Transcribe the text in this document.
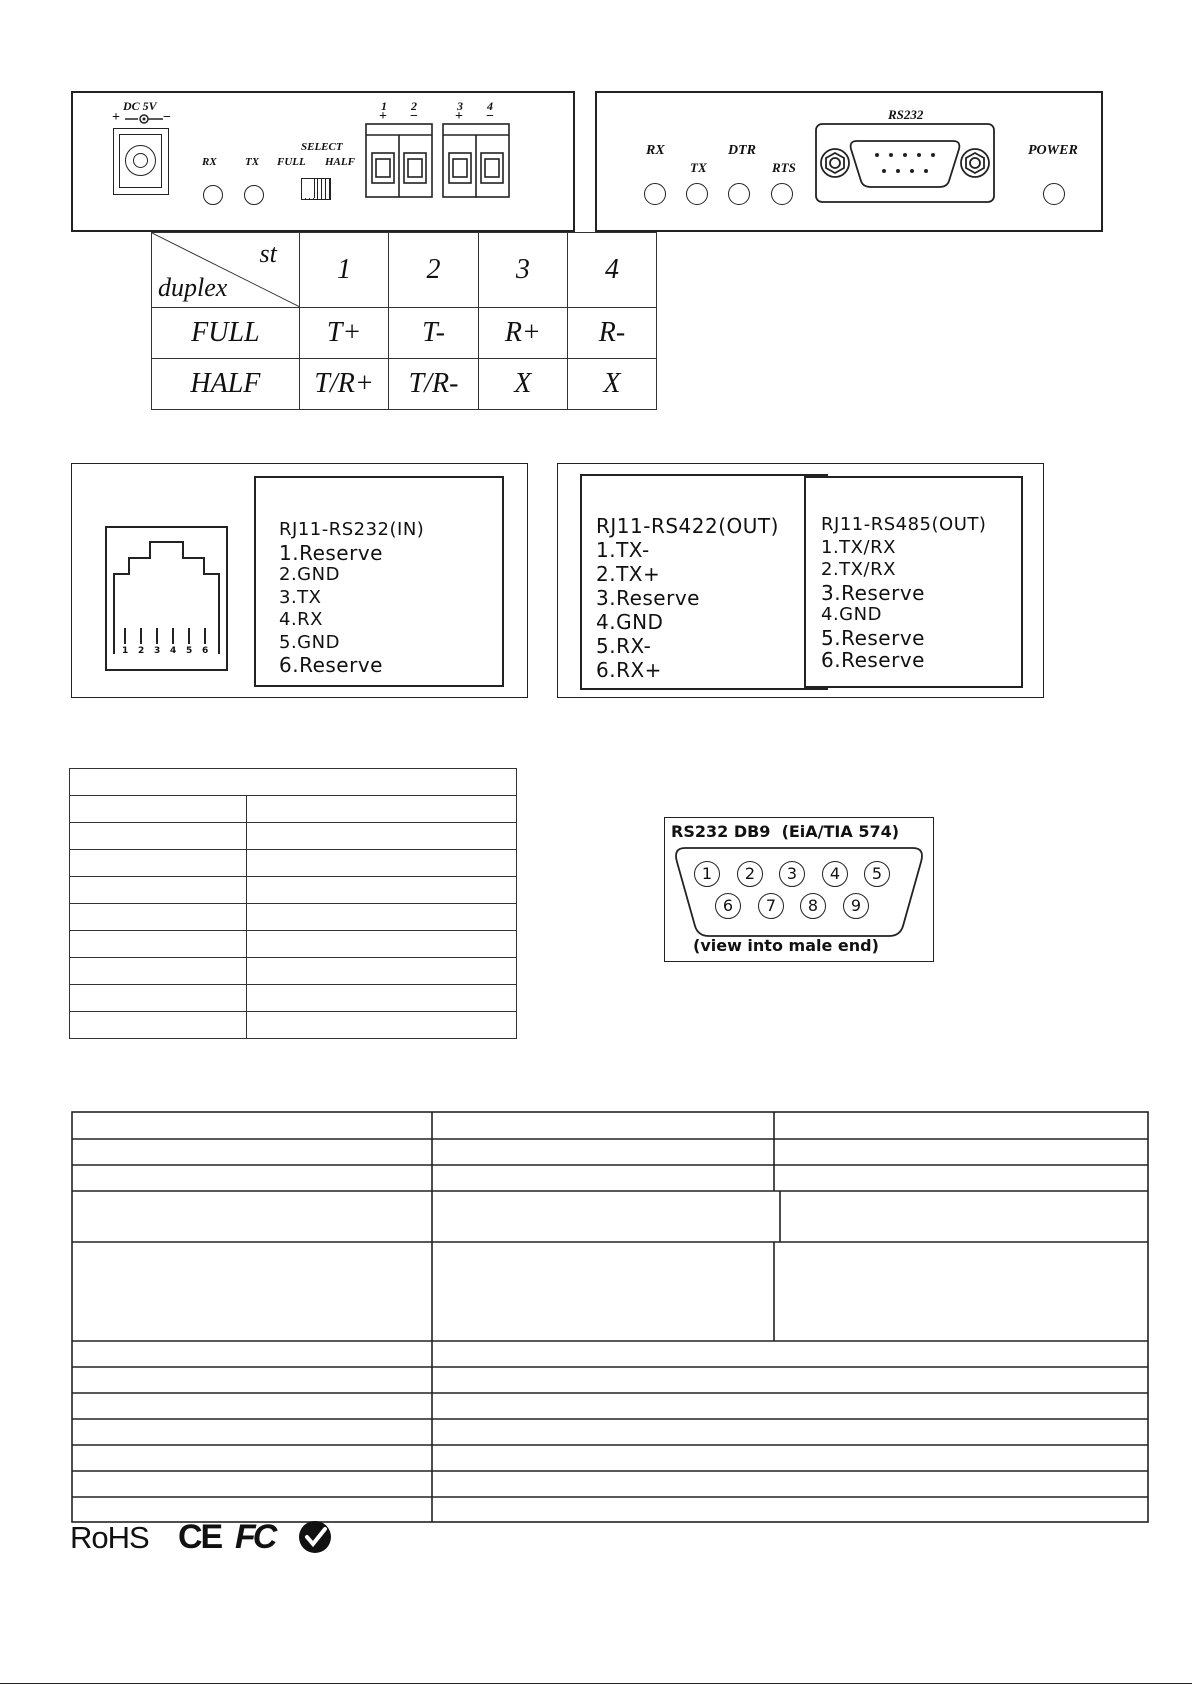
DC 5V
+	−
RX	TX
SELECT
FULL HALF
1
+
2
−
3
+
4
−	RS232
RX
TX
DTR
RTS
POWER
st
duplex	1	2	3	4
FULL	T+	T-	R+	R-
HALF	T/R+	T/R-	X	X
1 2 3 4 5 6
RJ11-RS232(IN)
1.Reserve
2.GND
3.TX
4.RX
5.GND
6.Reserve
RJ11-RS422(OUT)
1.TX-
2.TX+
3.Reserve
4.GND
5.RX-
6.RX+
RJ11-RS485(OUT)
1.TX/RX
2.TX/RX
3.Reserve
4.GND
5.Reserve
6.Reserve

RS232 DB9  (EiA/TIA 574)
1	2	3	4	5
6	7	8	9
(view into male end)
RoHS CE FC
